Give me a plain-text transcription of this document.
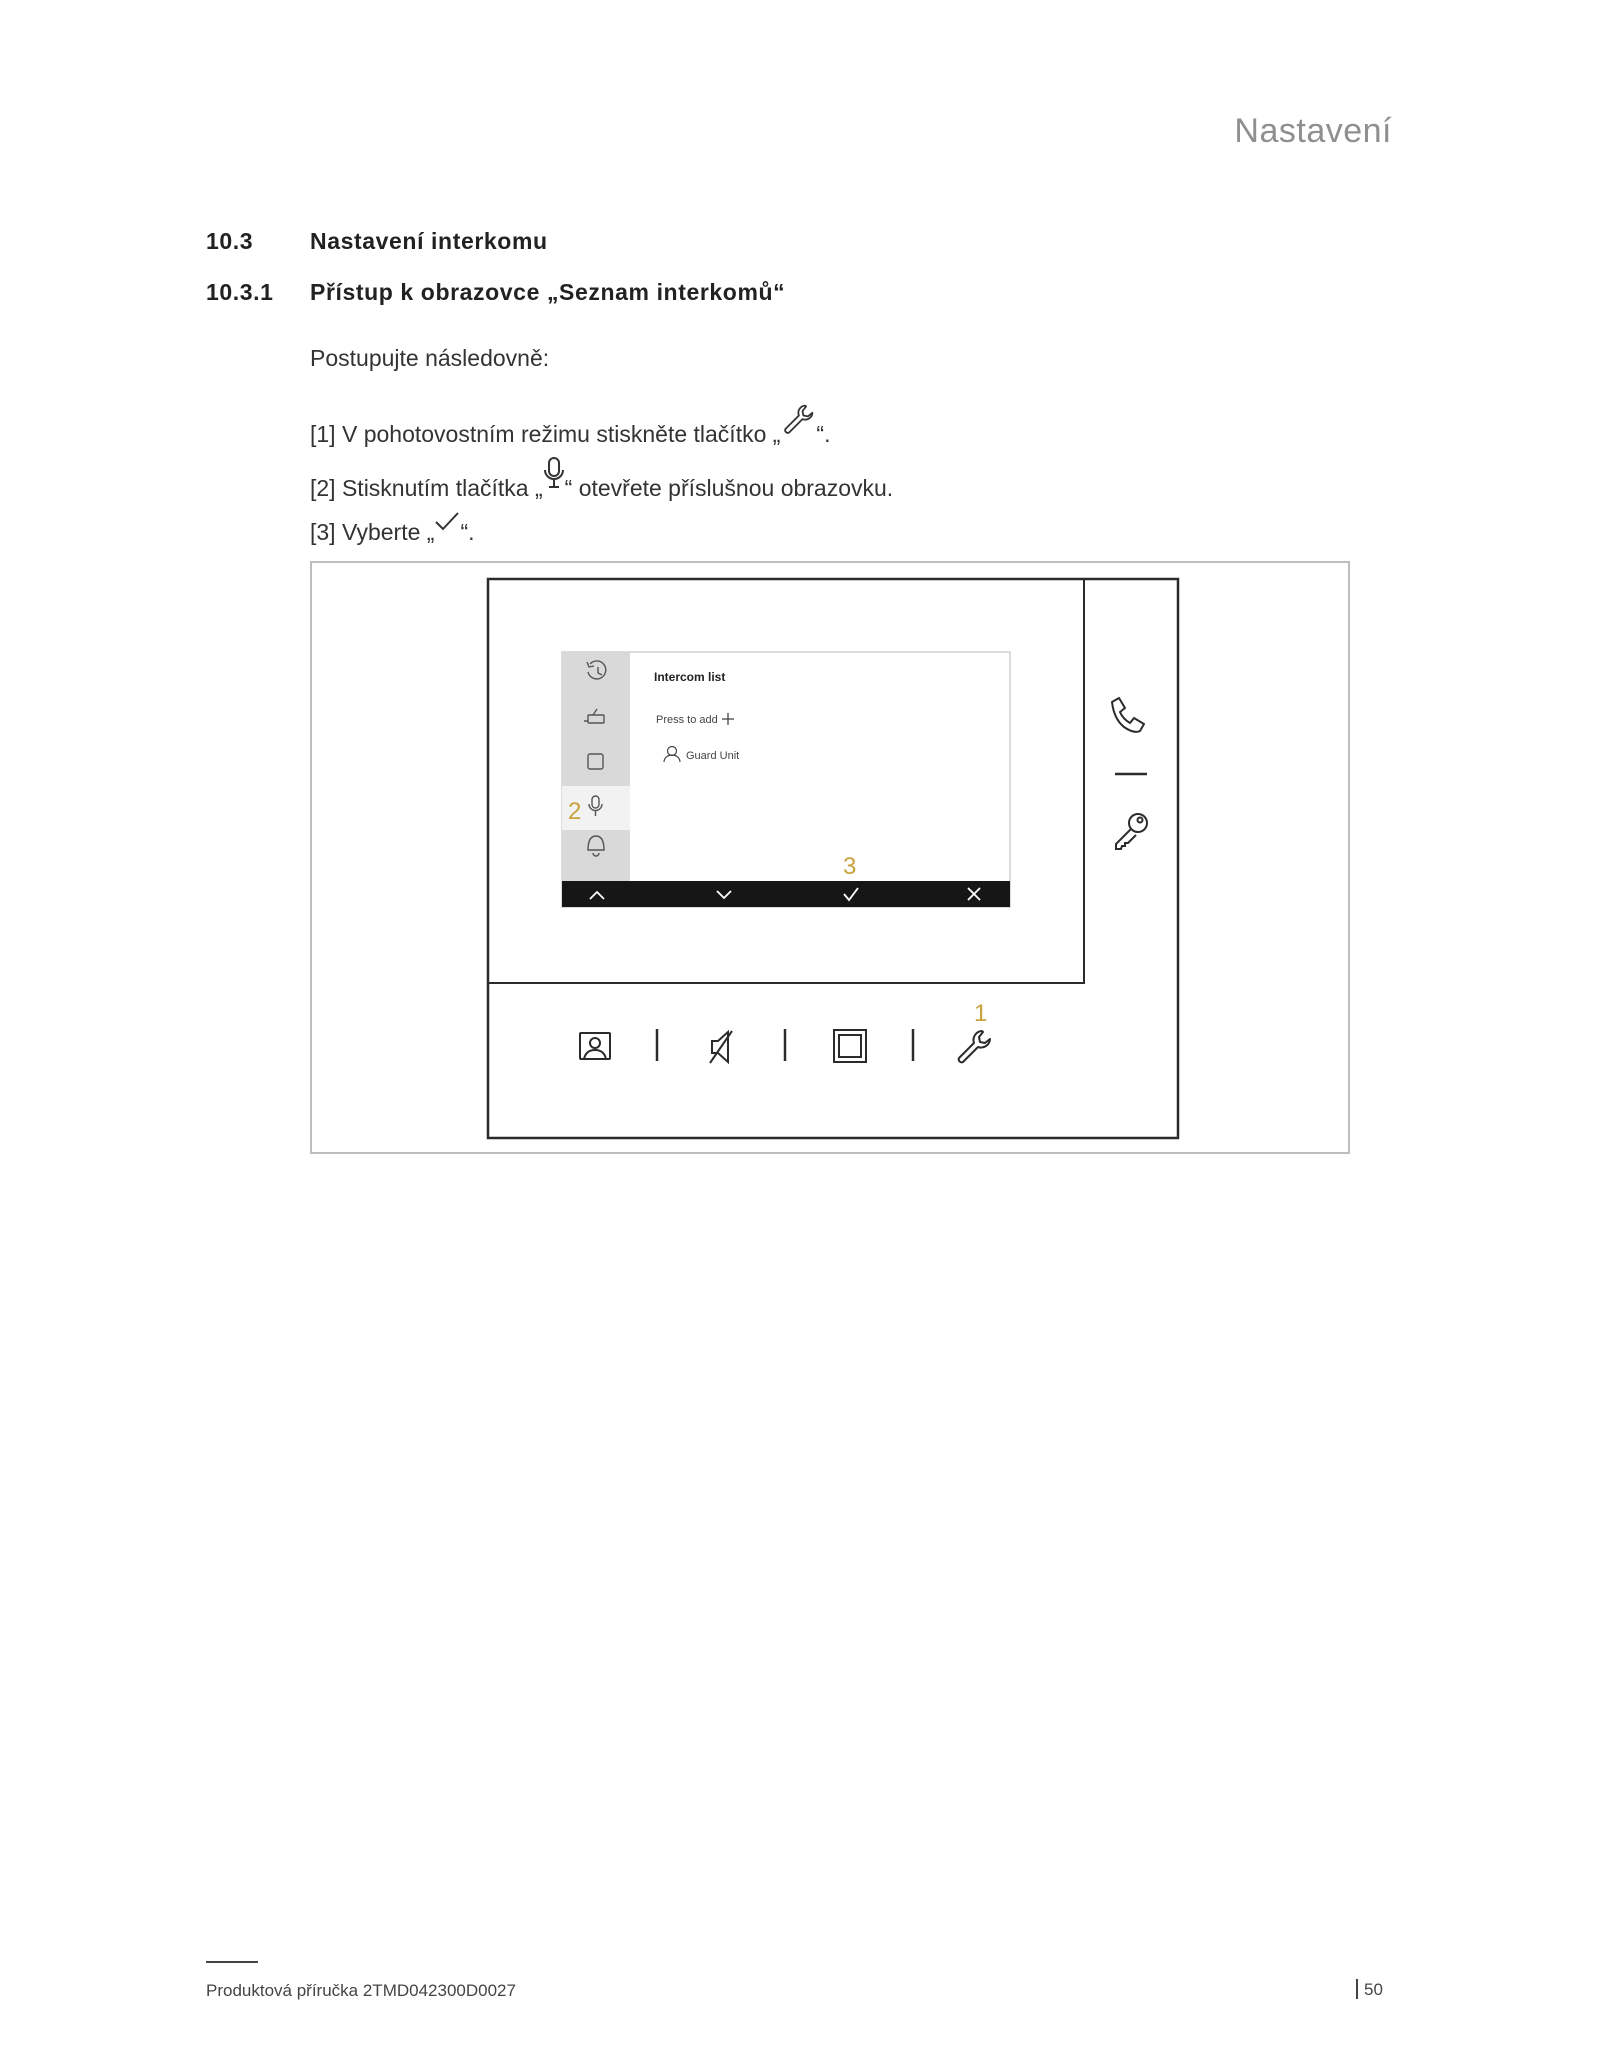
Nastavení
10.3 Nastavení interkomu
10.3.1 Přístup k obrazovce „Seznam interkomů“
Postupujte následovně:
[1] V pohotovostním režimu stiskněte tlačítko „ “.
[2] Stisknutím tlačítka „ “ otevřete příslušnou obrazovku.
[3] Vyberte „ “.
Intercom list
Press to add
Guard Unit
2
3
1
Produktová příručka 2TMD042300D0027	50
